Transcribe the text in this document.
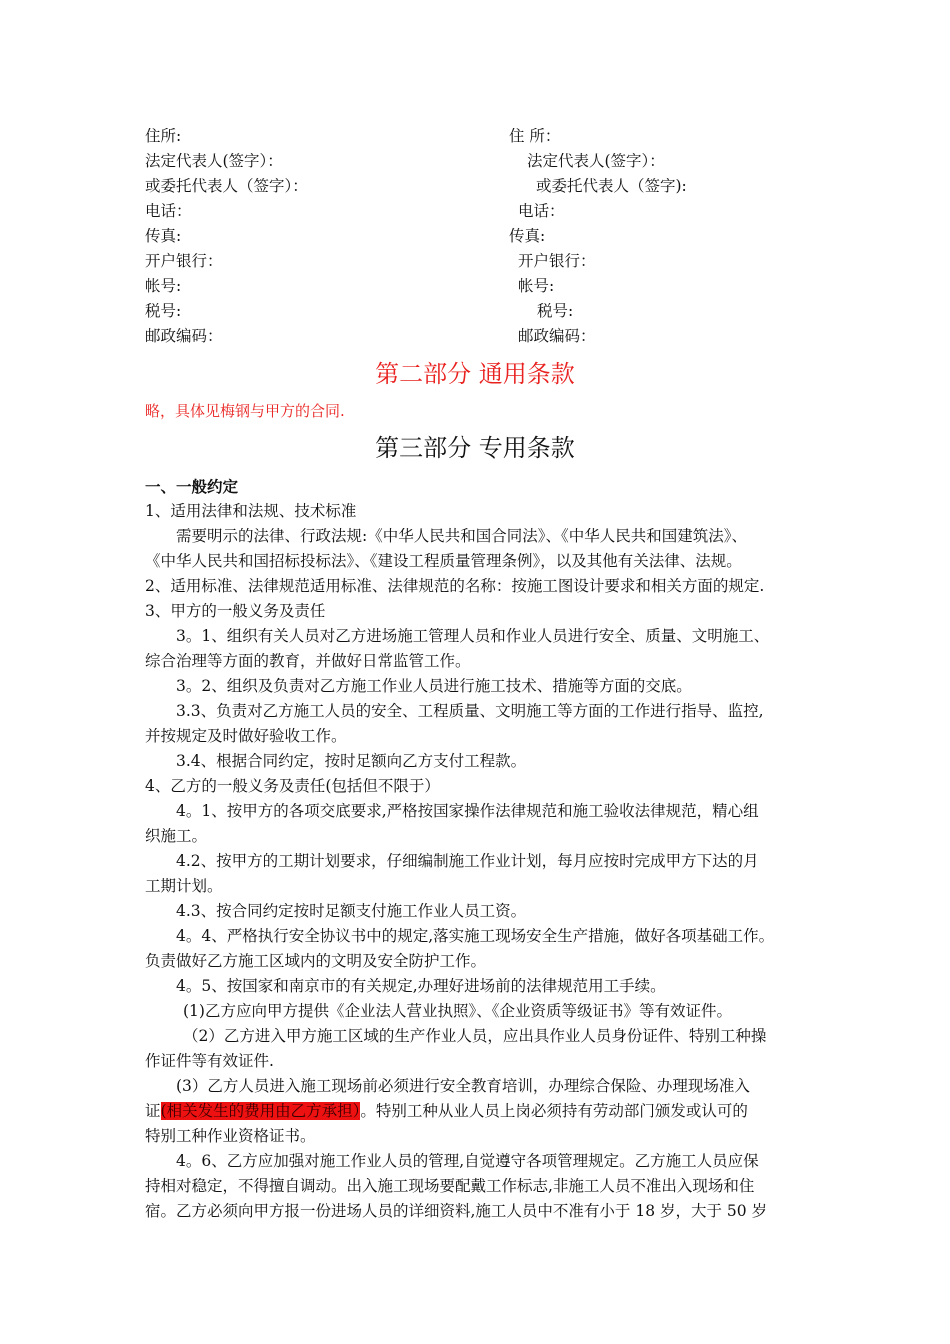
住所:	住 所：
法定代表人(签字）：	法定代表人(签字）：
或委托代表人（签字）：	或委托代表人（签字):
电话：	电话：
传真:	传真:
开户银行：	开户银行：
帐号:	帐号:
税号:	税号:
邮政编码：	邮政编码：
第二部分 通用条款
略，具体见梅钢与甲方的合同.
第三部分 专用条款
一、一般约定
1、适用法律和法规、技术标准
需要明示的法律、行政法规:《中华人民共和国合同法》、《中华人民共和国建筑法》、
《中华人民共和国招标投标法》、《建设工程质量管理条例》，以及其他有关法律、法规。
2、适用标准、法律规范适用标准、法律规范的名称：按施工图设计要求和相关方面的规定.
3、甲方的一般义务及责任
3。1、组织有关人员对乙方进场施工管理人员和作业人员进行安全、质量、文明施工、
综合治理等方面的教育，并做好日常监管工作。
3。2、组织及负责对乙方施工作业人员进行施工技术、措施等方面的交底。
3.3、负责对乙方施工人员的安全、工程质量、文明施工等方面的工作进行指导、监控,
并按规定及时做好验收工作。
3.4、根据合同约定，按时足额向乙方支付工程款。
4、乙方的一般义务及责任(包括但不限于）
4。1、按甲方的各项交底要求,严格按国家操作法律规范和施工验收法律规范，精心组
织施工。
4.2、按甲方的工期计划要求，仔细编制施工作业计划，每月应按时完成甲方下达的月
工期计划。
4.3、按合同约定按时足额支付施工作业人员工资。
4。4、严格执行安全协议书中的规定,落实施工现场安全生产措施，做好各项基础工作。
负责做好乙方施工区域内的文明及安全防护工作。
4。5、按国家和南京市的有关规定,办理好进场前的法律规范用工手续。
(1)乙方应向甲方提供《企业法人营业执照》、《企业资质等级证书》等有效证件。
（2）乙方进入甲方施工区域的生产作业人员，应出具作业人员身份证件、特别工种操
作证件等有效证件.
(3）乙方人员进入施工现场前必须进行安全教育培训，办理综合保险、办理现场准入
证(相关发生的费用由乙方承担）。特别工种从业人员上岗必须持有劳动部门颁发或认可的
特别工种作业资格证书。
4。6、乙方应加强对施工作业人员的管理,自觉遵守各项管理规定。乙方施工人员应保
持相对稳定，不得擅自调动。出入施工现场要配戴工作标志,非施工人员不准出入现场和住
宿。乙方必须向甲方报一份进场人员的详细资料,施工人员中不准有小于 18 岁，大于 50 岁
